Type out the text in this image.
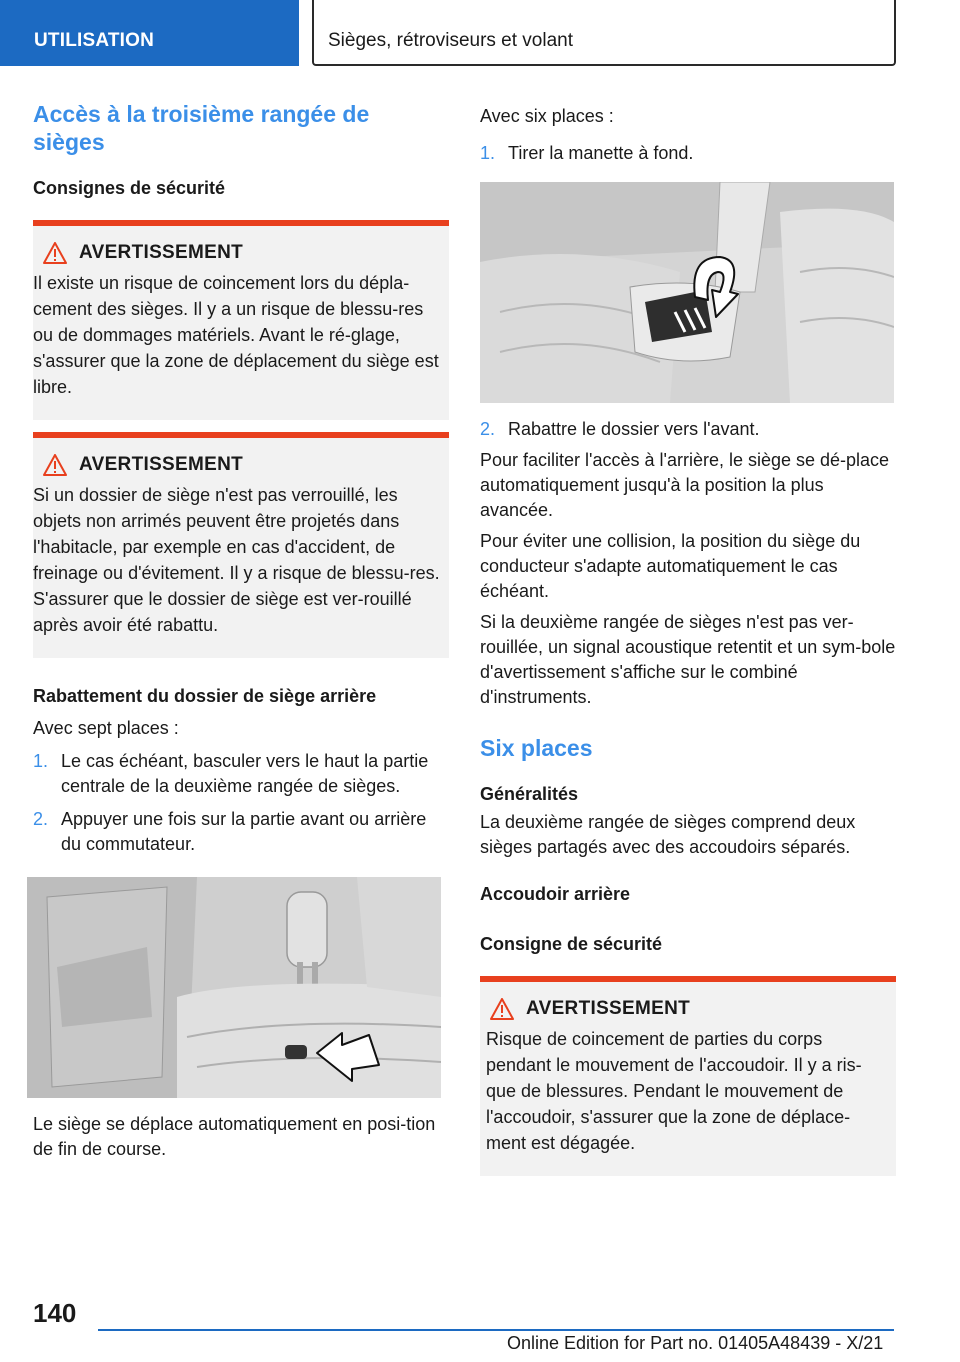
UTILISATION	Sièges, rétroviseurs et volant
Accès à la troisième rangée de sièges
Consignes de sécurité
AVERTISSEMENT

Il existe un risque de coincement lors du dépla-cement des sièges. Il y a un risque de blessu-res ou de dommages matériels. Avant le ré-glage, s'assurer que la zone de déplacement du siège est libre.

AVERTISSEMENT

Si un dossier de siège n'est pas verrouillé, les objets non arrimés peuvent être projetés dans l'habitacle, par exemple en cas d'accident, de freinage ou d'évitement. Il y a risque de blessu-res. S'assurer que le dossier de siège est ver-rouillé après avoir été rabattu.

Rabattement du dossier de siège arrière

Avec sept places :

1. Le cas échéant, basculer vers le haut la partie centrale de la deuxième rangée de sièges.
2. Appuyer une fois sur la partie avant ou arrière du commutateur.

Le siège se déplace automatiquement en posi-tion de fin de course.

Avec six places :

1. Tirer la manette à fond.
2. Rabattre le dossier vers l'avant.

Pour faciliter l'accès à l'arrière, le siège se dé-place automatiquement jusqu'à la position la plus avancée.

Pour éviter une collision, la position du siège du conducteur s'adapte automatiquement le cas échéant.

Si la deuxième rangée de sièges n'est pas ver-rouillée, un signal acoustique retentit et un sym-bole d'avertissement s'affiche sur le combiné d'instruments.

Six places
Généralités

La deuxième rangée de sièges comprend deux sièges partagés avec des accoudoirs séparés.

Accoudoir arrière
Consigne de sécurité
AVERTISSEMENT

Risque de coincement de parties du corps pendant le mouvement de l'accoudoir. Il y a ris-que de blessures. Pendant le mouvement de l'accoudoir, s'assurer que la zone de déplace-ment est dégagée.

140
Online Edition for Part no. 01405A48439 - X/21
